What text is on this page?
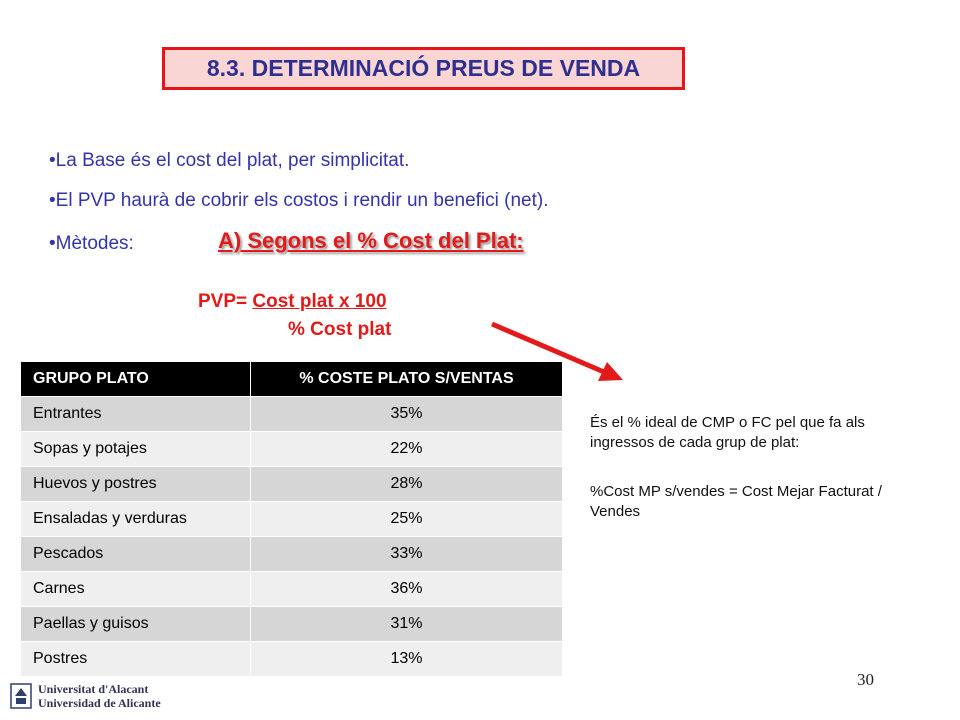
8.3. DETERMINACIÓ PREUS DE VENDA
•La Base és el cost del plat, per simplicitat.
•El PVP haurà de cobrir els costos i rendir un benefici (net).
•Mètodes:	A) Segons el % Cost del Plat:
PVP= Cost plat x 100
% Cost plat
GRUPO PLATO	% COSTE PLATO S/VENTAS
Entrantes	35%
Sopas y potajes	22%
Huevos y postres	28%
Ensaladas y verduras	25%
Pescados	33%
Carnes	36%
Paellas y guisos	31%
Postres	13%
És el % ideal de CMP o FC pel que fa als ingressos de cada grup de plat:
%Cost MP s/vendes = Cost Mejar Facturat / Vendes
30
Universitat d'Alacant
Universidad de Alicante
